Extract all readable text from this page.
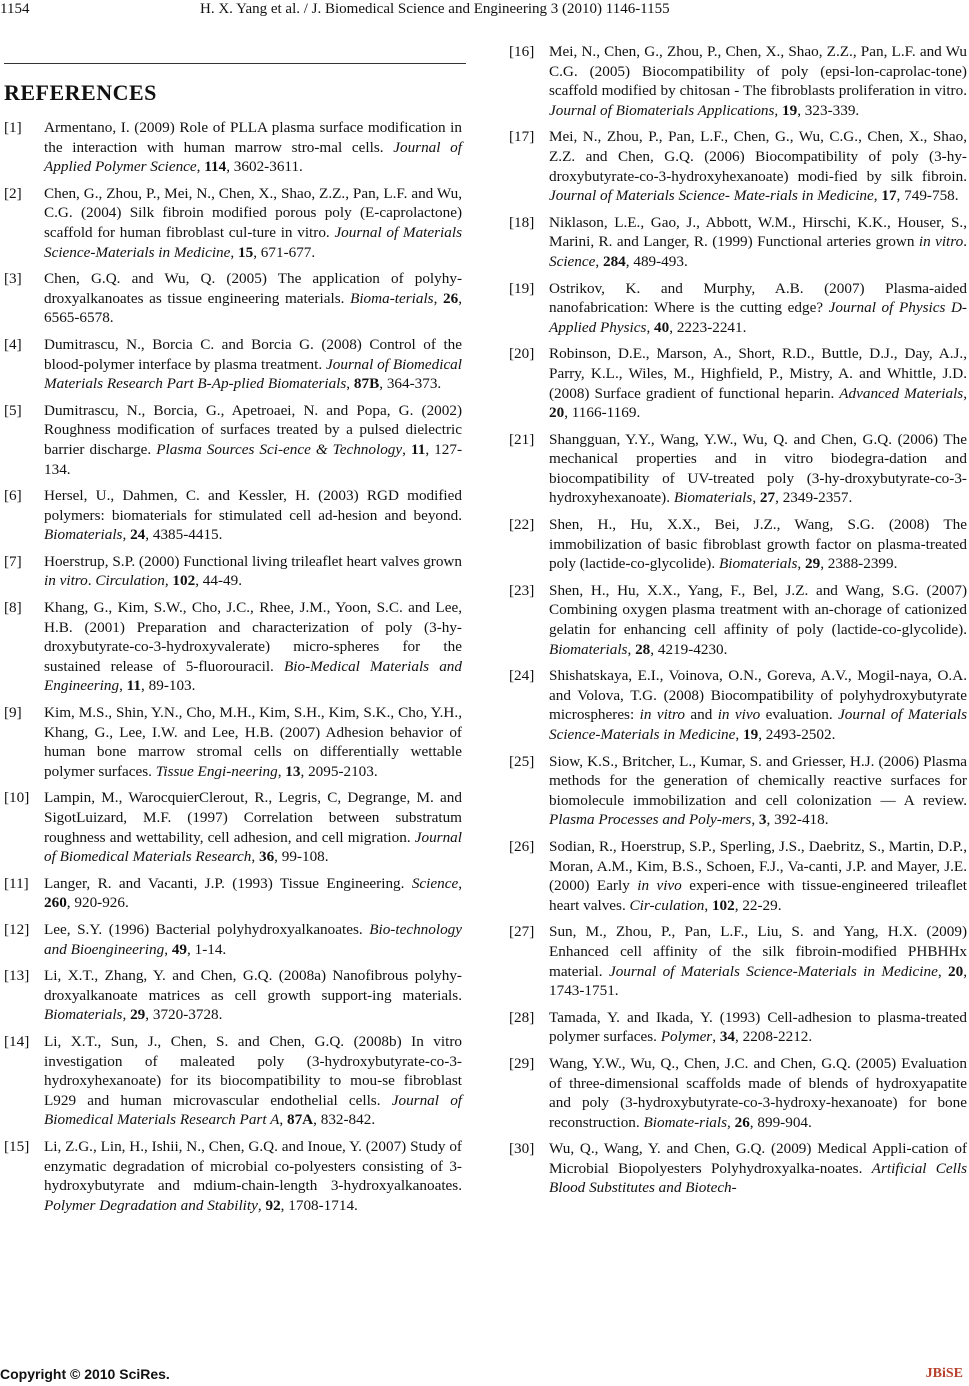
1154	H. X. Yang et al. / J. Biomedical Science and Engineering 3 (2010) 1146-1155
REFERENCES
[1] Armentano, I. (2009) Role of PLLA plasma surface modification in the interaction with human marrow stro-mal cells. Journal of Applied Polymer Science, 114, 3602-3611.
[2] Chen, G., Zhou, P., Mei, N., Chen, X., Shao, Z.Z., Pan, L.F. and Wu, C.G. (2004) Silk fibroin modified porous poly (E-caprolactone) scaffold for human fibroblast cul-ture in vitro. Journal of Materials Science-Materials in Medicine, 15, 671-677.
[3] Chen, G.Q. and Wu, Q. (2005) The application of polyhy-droxyalkanoates as tissue engineering materials. Bioma-terials, 26, 6565-6578.
[4] Dumitrascu, N., Borcia C. and Borcia G. (2008) Control of the blood-polymer interface by plasma treatment. Journal of Biomedical Materials Research Part B-Ap-plied Biomaterials, 87B, 364-373.
[5] Dumitrascu, N., Borcia, G., Apetroaei, N. and Popa, G. (2002) Roughness modification of surfaces treated by a pulsed dielectric barrier discharge. Plasma Sources Sci-ence & Technology, 11, 127-134.
[6] Hersel, U., Dahmen, C. and Kessler, H. (2003) RGD modified polymers: biomaterials for stimulated cell ad-hesion and beyond. Biomaterials, 24, 4385-4415.
[7] Hoerstrup, S.P. (2000) Functional living trileaflet heart valves grown in vitro. Circulation, 102, 44-49.
[8] Khang, G., Kim, S.W., Cho, J.C., Rhee, J.M., Yoon, S.C. and Lee, H.B. (2001) Preparation and characterization of poly (3-hy-droxybutyrate-co-3-hydroxyvalerate) micro-spheres for the sustained release of 5-fluorouracil. Bio-Medical Materials and Engineering, 11, 89-103.
[9] Kim, M.S., Shin, Y.N., Cho, M.H., Kim, S.H., Kim, S.K., Cho, Y.H., Khang, G., Lee, I.W. and Lee, H.B. (2007) Adhesion behavior of human bone marrow stromal cells on differentially wettable polymer surfaces. Tissue Engi-neering, 13, 2095-2103.
[10] Lampin, M., WarocquierClerout, R., Legris, C, Degrange, M. and SigotLuizard, M.F. (1997) Correlation between substratum roughness and wettability, cell adhesion, and cell migration. Journal of Biomedical Materials Research, 36, 99-108.
[11] Langer, R. and Vacanti, J.P. (1993) Tissue Engineering. Science, 260, 920-926.
[12] Lee, S.Y. (1996) Bacterial polyhydroxyalkanoates. Bio-technology and Bioengineering, 49, 1-14.
[13] Li, X.T., Zhang, Y. and Chen, G.Q. (2008a) Nanofibrous polyhy- droxyalkanoate matrices as cell growth support-ing materials. Biomaterials, 29, 3720-3728.
[14] Li, X.T., Sun, J., Chen, S. and Chen, G.Q. (2008b) In vitro investigation of maleated poly (3-hydroxybutyrate-co-3-hydroxyhexanoate) for its biocompatibility to mou-se fibroblast L929 and human microvascular endothelial cells. Journal of Biomedical Materials Research Part A, 87A, 832-842.
[15] Li, Z.G., Lin, H., Ishii, N., Chen, G.Q. and Inoue, Y. (2007) Study of enzymatic degradation of microbial co-polyesters consisting of 3-hydroxybutyrate and mdium-chain-length 3-hydroxyalkanoates. Polymer Degradation and Stability, 92, 1708-1714.
[16] Mei, N., Chen, G., Zhou, P., Chen, X., Shao, Z.Z., Pan, L.F. and Wu C.G. (2005) Biocompatibility of poly (epsi-lon-caprolac-tone) scaffold modified by chitosan - The fibroblasts proliferation in vitro. Journal of Biomaterials Applications, 19, 323-339.
[17] Mei, N., Zhou, P., Pan, L.F., Chen, G., Wu, C.G., Chen, X., Shao, Z.Z. and Chen, G.Q. (2006) Biocompatibility of poly (3-hy-droxybutyrate-co-3-hydroxyhexanoate) modi-fied by silk fibroin. Journal of Materials Science- Mate-rials in Medicine, 17, 749-758.
[18] Niklason, L.E., Gao, J., Abbott, W.M., Hirschi, K.K., Houser, S., Marini, R. and Langer, R. (1999) Functional arteries grown in vitro. Science, 284, 489-493.
[19] Ostrikov, K. and Murphy, A.B. (2007) Plasma-aided nanofabrication: Where is the cutting edge? Journal of Physics D-Applied Physics, 40, 2223-2241.
[20] Robinson, D.E., Marson, A., Short, R.D., Buttle, D.J., Day, A.J., Parry, K.L., Wiles, M., Highfield, P., Mistry, A. and Whittle, J.D. (2008) Surface gradient of functional heparin. Advanced Materials, 20, 1166-1169.
[21] Shangguan, Y.Y., Wang, Y.W., Wu, Q. and Chen, G.Q. (2006) The mechanical properties and in vitro biodegra-dation and biocompatibility of UV-treated poly (3-hy-droxybutyrate-co-3-hydroxyhexanoate). Biomaterials, 27, 2349-2357.
[22] Shen, H., Hu, X.X., Bei, J.Z., Wang, S.G. (2008) The immobilization of basic fibroblast growth factor on plasma-treated poly (lactide-co-glycolide). Biomaterials, 29, 2388-2399.
[23] Shen, H., Hu, X.X., Yang, F., Bel, J.Z. and Wang, S.G. (2007) Combining oxygen plasma treatment with an-chorage of cationized gelatin for enhancing cell affinity of poly (lactide-co-glycolide). Biomaterials, 28, 4219-4230.
[24] Shishatskaya, E.I., Voinova, O.N., Goreva, A.V., Mogil-naya, O.A. and Volova, T.G. (2008) Biocompatibility of polyhydroxybutyrate microspheres: in vitro and in vivo evaluation. Journal of Materials Science-Materials in Medicine, 19, 2493-2502.
[25] Siow, K.S., Britcher, L., Kumar, S. and Griesser, H.J. (2006) Plasma methods for the generation of chemically reactive surfaces for biomolecule immobilization and cell colonization — A review. Plasma Processes and Poly-mers, 3, 392-418.
[26] Sodian, R., Hoerstrup, S.P., Sperling, J.S., Daebritz, S., Martin, D.P., Moran, A.M., Kim, B.S., Schoen, F.J., Va-canti, J.P. and Mayer, J.E. (2000) Early in vivo experi-ence with tissue-engineered trileaflet heart valves. Cir-culation, 102, 22-29.
[27] Sun, M., Zhou, P., Pan, L.F., Liu, S. and Yang, H.X. (2009) Enhanced cell affinity of the silk fibroin-modified PHBHHx material. Journal of Materials Science-Materials in Medicine, 20, 1743-1751.
[28] Tamada, Y. and Ikada, Y. (1993) Cell-adhesion to plasma-treated polymer surfaces. Polymer, 34, 2208-2212.
[29] Wang, Y.W., Wu, Q., Chen, J.C. and Chen, G.Q. (2005) Evaluation of three-dimensional scaffolds made of blends of hydroxyapatite and poly (3-hydroxybutyrate-co-3-hydroxy-hexanoate) for bone reconstruction. Biomate-rials, 26, 899-904.
[30] Wu, Q., Wang, Y. and Chen, G.Q. (2009) Medical Appli-cation of Microbial Biopolyesters Polyhydroxyalka-noates. Artificial Cells Blood Substitutes and Biotech-
Copyright © 2010 SciRes.	JBiSE
